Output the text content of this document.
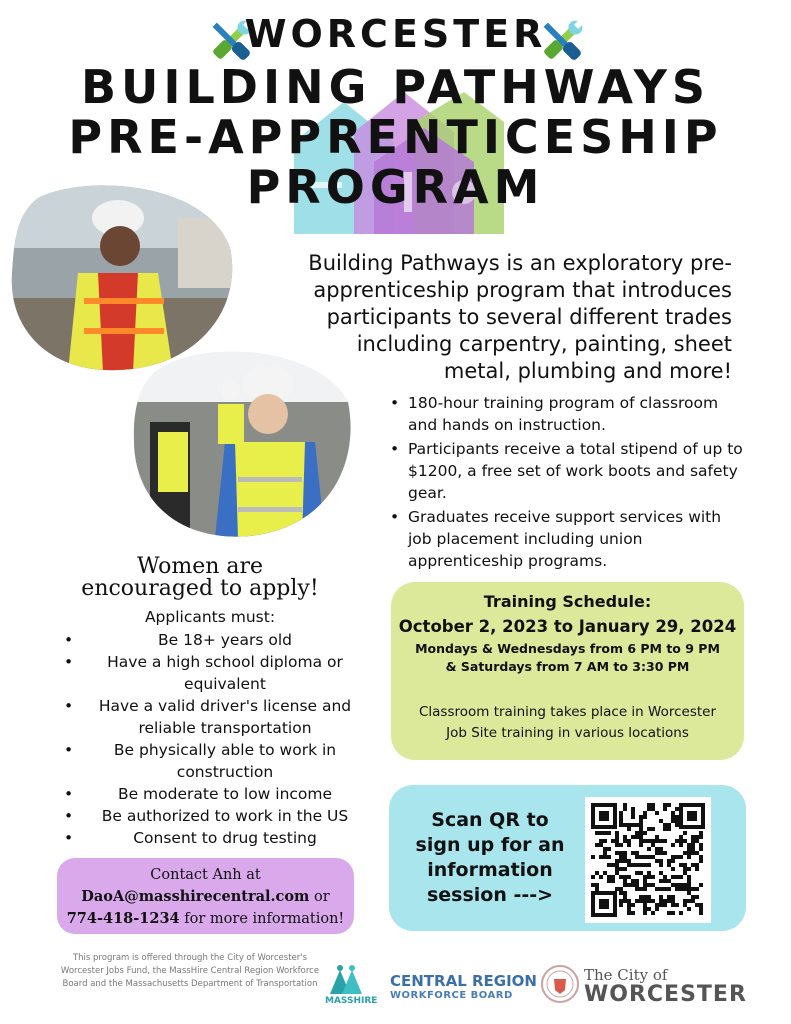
WORCESTER
BUILDING PATHWAYS
PRE-APPRENTICESHIP
PROGRAM
Building Pathways is an exploratory pre-
apprenticeship program that introduces
participants to several different trades
including carpentry, painting, sheet
metal, plumbing and more!
• 180-hour training program of classroom and hands on instruction.
• Participants receive a total stipend of up to $1200, a free set of work boots and safety gear.
• Graduates receive support services with job placement including union apprenticeship programs.
Women are
encouraged to apply!
Applicants must:
• Be 18+ years old
• Have a high school diploma or equivalent
• Have a valid driver's license and reliable transportation
• Be physically able to work in construction
• Be moderate to low income
• Be authorized to work in the US
• Consent to drug testing
Contact Anh at
DaoA@masshirecentral.com or
774-418-1234 for more information!
Training Schedule:
October 2, 2023 to January 29, 2024
Mondays & Wednesdays from 6 PM to 9 PM
& Saturdays from 7 AM to 3:30 PM
Classroom training takes place in Worcester
Job Site training in various locations
Scan QR to
sign up for an
information
session --->
This program is offered through the City of Worcester's Worcester Jobs Fund, the MassHire Central Region Workforce Board and the Massachusetts Department of Transportation
MASSHIRE
CENTRAL REGION
WORKFORCE BOARD
The City of
WORCESTER
